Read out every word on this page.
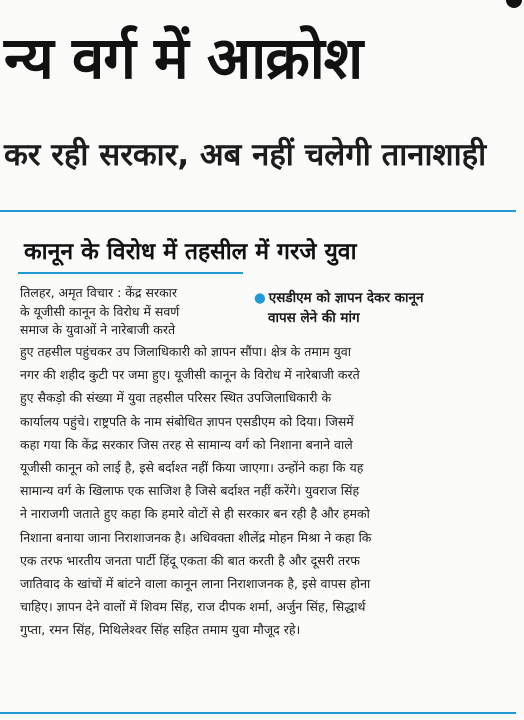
न्य वर्ग में आक्रोश
कर रही सरकार, अब नहीं चलेगी तानाशाही
कानून के विरोध में तहसील में गरजे युवा

तिलहर, अमृत विचार : केंद्र सरकार

के यूजीसी कानून के विरोध में सवर्ण

समाज के युवाओं ने नारेबाजी करते

● एसडीएम को ज्ञापन देकर कानून

वापस लेने की मांग

हुए तहसील पहुंचकर उप जिलाधिकारी को ज्ञापन सौंपा। क्षेत्र के तमाम युवा

नगर की शहीद कुटी पर जमा हुए। यूजीसी कानून के विरोध में नारेबाजी करते

हुए सैकड़ो की संख्या में युवा तहसील परिसर स्थित उपजिलाधिकारी के

कार्यालय पहुंचे। राष्ट्रपति के नाम संबोधित ज्ञापन एसडीएम को दिया। जिसमें

कहा गया कि केंद्र सरकार जिस तरह से सामान्य वर्ग को निशाना बनाने वाले

यूजीसी कानून को लाई है, इसे बर्दाश्त नहीं किया जाएगा। उन्होंने कहा कि यह

सामान्य वर्ग के खिलाफ एक साजिश है जिसे बर्दाश्त नहीं करेंगे। युवराज सिंह

ने नाराजगी जताते हुए कहा कि हमारे वोटों से ही सरकार बन रही है और हमको

निशाना बनाया जाना निराशाजनक है। अधिवक्ता शीलेंद्र मोहन मिश्रा ने कहा कि

एक तरफ भारतीय जनता पार्टी हिंदू एकता की बात करती है और दूसरी तरफ

जातिवाद के खांचों में बांटने वाला कानून लाना निराशाजनक है, इसे वापस होना

चाहिए। ज्ञापन देने वालों में शिवम सिंह, राज दीपक शर्मा, अर्जुन सिंह, सिद्धार्थ

गुप्ता, रमन सिंह, मिथिलेश्वर सिंह सहित तमाम युवा मौजूद रहे।
